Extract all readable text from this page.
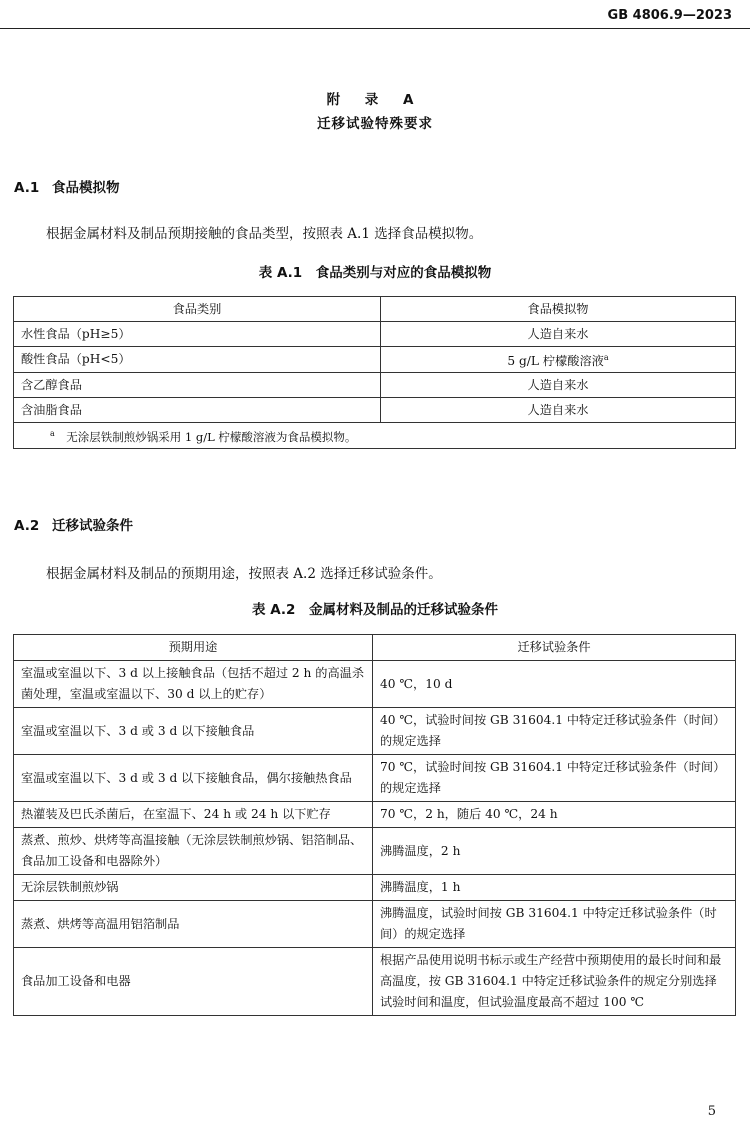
GB 4806.9—2023
附 录 A
迁移试验特殊要求
A.1 食品模拟物
根据金属材料及制品预期接触的食品类型，按照表 A.1 选择食品模拟物。
表 A.1　食品类别与对应的食品模拟物
食品类别	食品模拟物
水性食品（pH≥5）	人造自来水
酸性食品（pH<5）	5 g/L 柠檬酸溶液$^a$
含乙醇食品	人造自来水
含油脂食品	人造自来水
$^a$　 无涂层铁制煎炒锅采用 1 g/L 柠檬酸溶液为食品模拟物。	
A.2 迁移试验条件
根据金属材料及制品的预期用途，按照表 A.2 选择迁移试验条件。
表 A.2　金属材料及制品的迁移试验条件
预期用途	迁移试验条件
室温或室温以下、3 d 以上接触食品（包括不超过 2 h 的高温杀菌处理，室温或室温以下、30 d 以上的贮存）	40 ℃，10 d
室温或室温以下、3 d 或 3 d 以下接触食品	40 ℃，试验时间按 GB 31604.1 中特定迁移试验条件（时间）的规定选择
室温或室温以下、3 d 或 3 d 以下接触食品，偶尔接触热食品	70 ℃，试验时间按 GB 31604.1 中特定迁移试验条件（时间）的规定选择
热灌装及巴氏杀菌后，在室温下、24 h 或 24 h 以下贮存	70 ℃，2 h，随后 40 ℃，24 h
蒸煮、煎炒、烘烤等高温接触（无涂层铁制煎炒锅、铝箔制品、食品加工设备和电器除外）	沸腾温度，2 h
无涂层铁制煎炒锅	沸腾温度，1 h
蒸煮、烘烤等高温用铝箔制品	沸腾温度，试验时间按 GB 31604.1 中特定迁移试验条件（时间）的规定选择
食品加工设备和电器	根据产品使用说明书标示或生产经营中预期使用的最长时间和最高温度，按 GB 31604.1 中特定迁移试验条件的规定分别选择试验时间和温度，但试验温度最高不超过 100 ℃
5
